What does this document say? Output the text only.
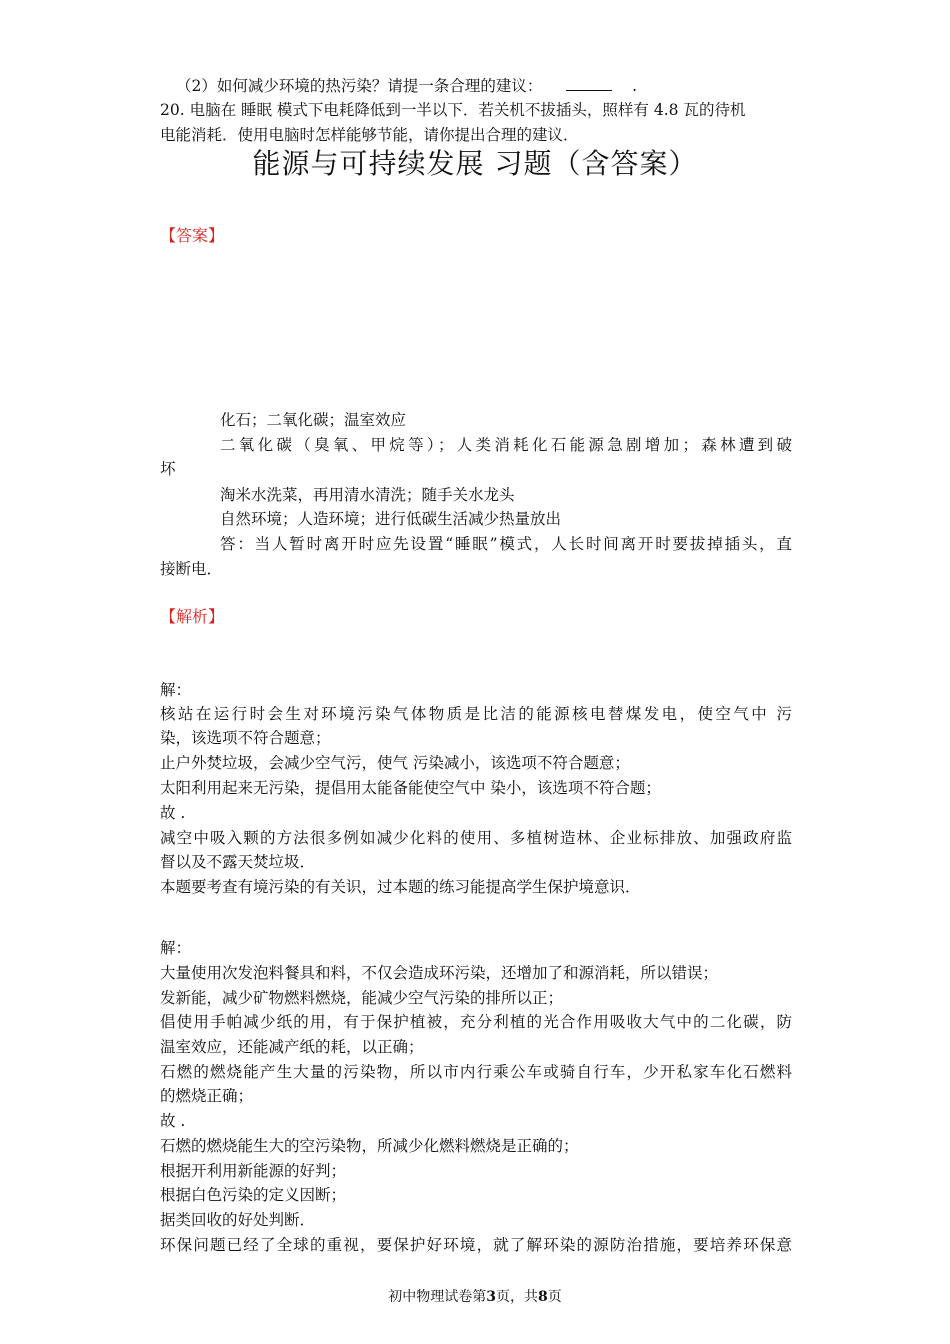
（2）如何减少环境的热污染？请提一条合理的建议：	.
20. 电脑在 睡眠 模式下电耗降低到一半以下．若关机不拔插头，照样有 4.8 瓦的待机
电能消耗．使用电脑时怎样能够节能，请你提出合理的建议．
能源与可持续发展 习题（含答案）
【答案】
化石；二氧化碳；温室效应
二氧化碳（臭氧、甲烷等）；人类消耗化石能源急剧增加；森林遭到破
坏
淘米水洗菜，再用清水清洗；随手关水龙头
自然环境；人造环境；进行低碳生活减少热量放出
答：当人暂时离开时应先设置“睡眠”模式，人长时间离开时要拔掉插头，直
接断电．
【解析】
解：
核站在运行时会生对环境污染气体物质是比洁的能源核电替煤发电，使空气中 污
染，该选项不符合题意；
止户外焚垃圾，会减少空气污，使气 污染减小，该选项不符合题意；
太阳利用起来无污染，提倡用太能备能使空气中 染小，该选项不符合题；
故 .
减空中吸入颗的方法很多例如减少化料的使用、多植树造林、企业标排放、加强政府监
督以及不露天焚垃圾．
本题要考查有境污染的有关识，过本题的练习能提高学生保护境意识．
解：
大量使用次发泡料餐具和料，不仅会造成环污染，还增加了和源消耗，所以错误；
发新能，减少矿物燃料燃烧，能减少空气污染的排所以正；
倡使用手帕减少纸的用，有于保护植被，充分利植的光合作用吸收大气中的二化碳，防
温室效应，还能减产纸的耗，以正确；
石燃的燃烧能产生大量的污染物，所以市内行乘公车或骑自行车，少开私家车化石燃料
的燃烧正确；
故 .
石燃的燃烧能生大的空污染物，所减少化燃料燃烧是正确的；
根据开利用新能源的好判；
根据白色污染的定义因断；
据类回收的好处判断．
环保问题已经了全球的重视，要保护好环境，就了解环染的源防治措施，要培养环保意
初中物理试卷第3页，共8页
